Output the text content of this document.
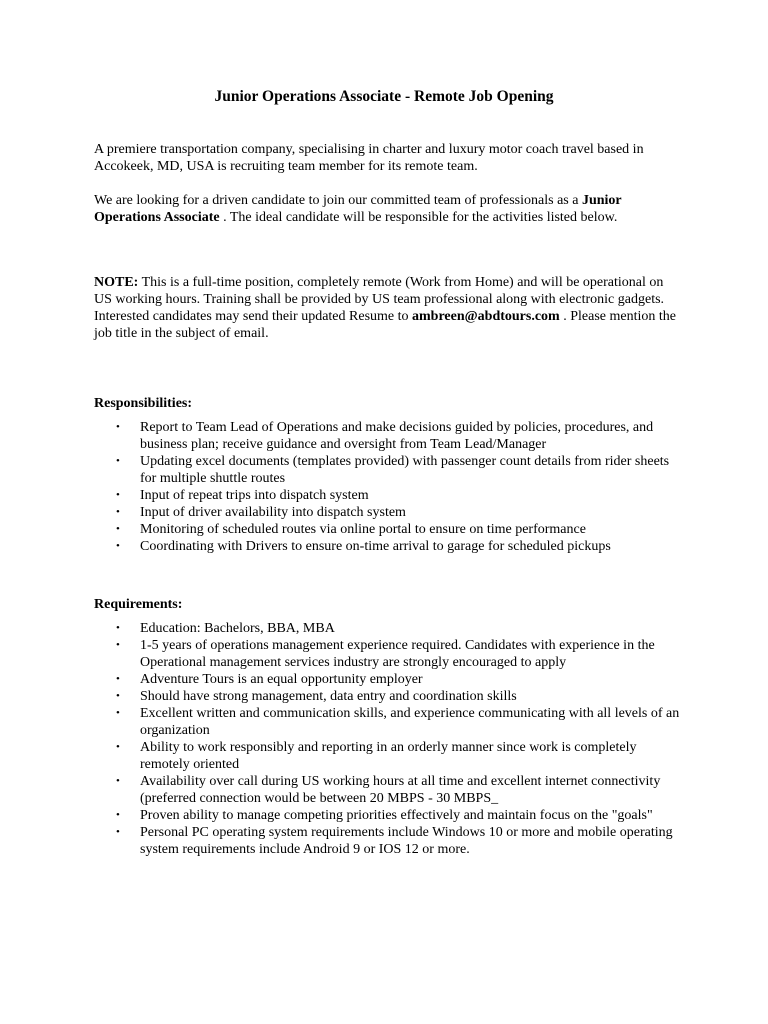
Junior Operations Associate - Remote Job Opening

A premiere transportation company, specialising in charter and luxury motor coach travel based in Accokeek, MD, USA is recruiting team member for its remote team.

We are looking for a driven candidate to join our committed team of professionals as a Junior Operations Associate . The ideal candidate will be responsible for the activities listed below.

NOTE: This is a full-time position, completely remote (Work from Home) and will be operational on US working hours. Training shall be provided by US team professional along with electronic gadgets. Interested candidates may send their updated Resume to ambreen@abdtours.com . Please mention the job title in the subject of email.

Responsibilities:
• Report to Team Lead of Operations and make decisions guided by policies, procedures, and business plan; receive guidance and oversight from Team Lead/Manager
• Updating excel documents (templates provided) with passenger count details from rider sheets for multiple shuttle routes
• Input of repeat trips into dispatch system
• Input of driver availability into dispatch system
• Monitoring of scheduled routes via online portal to ensure on time performance
• Coordinating with Drivers to ensure on-time arrival to garage for scheduled pickups
Requirements:
• Education: Bachelors, BBA, MBA
• 1-5 years of operations management experience required. Candidates with experience in the Operational management services industry are strongly encouraged to apply
• Adventure Tours is an equal opportunity employer
• Should have strong management, data entry and coordination skills
• Excellent written and communication skills, and experience communicating with all levels of an organization
• Ability to work responsibly and reporting in an orderly manner since work is completely remotely oriented
• Availability over call during US working hours at all time and excellent internet connectivity (preferred connection would be between 20 MBPS - 30 MBPS_
• Proven ability to manage competing priorities effectively and maintain focus on the "goals"
• Personal PC operating system requirements include Windows 10 or more and mobile operating system requirements include Android 9 or IOS 12 or more.
